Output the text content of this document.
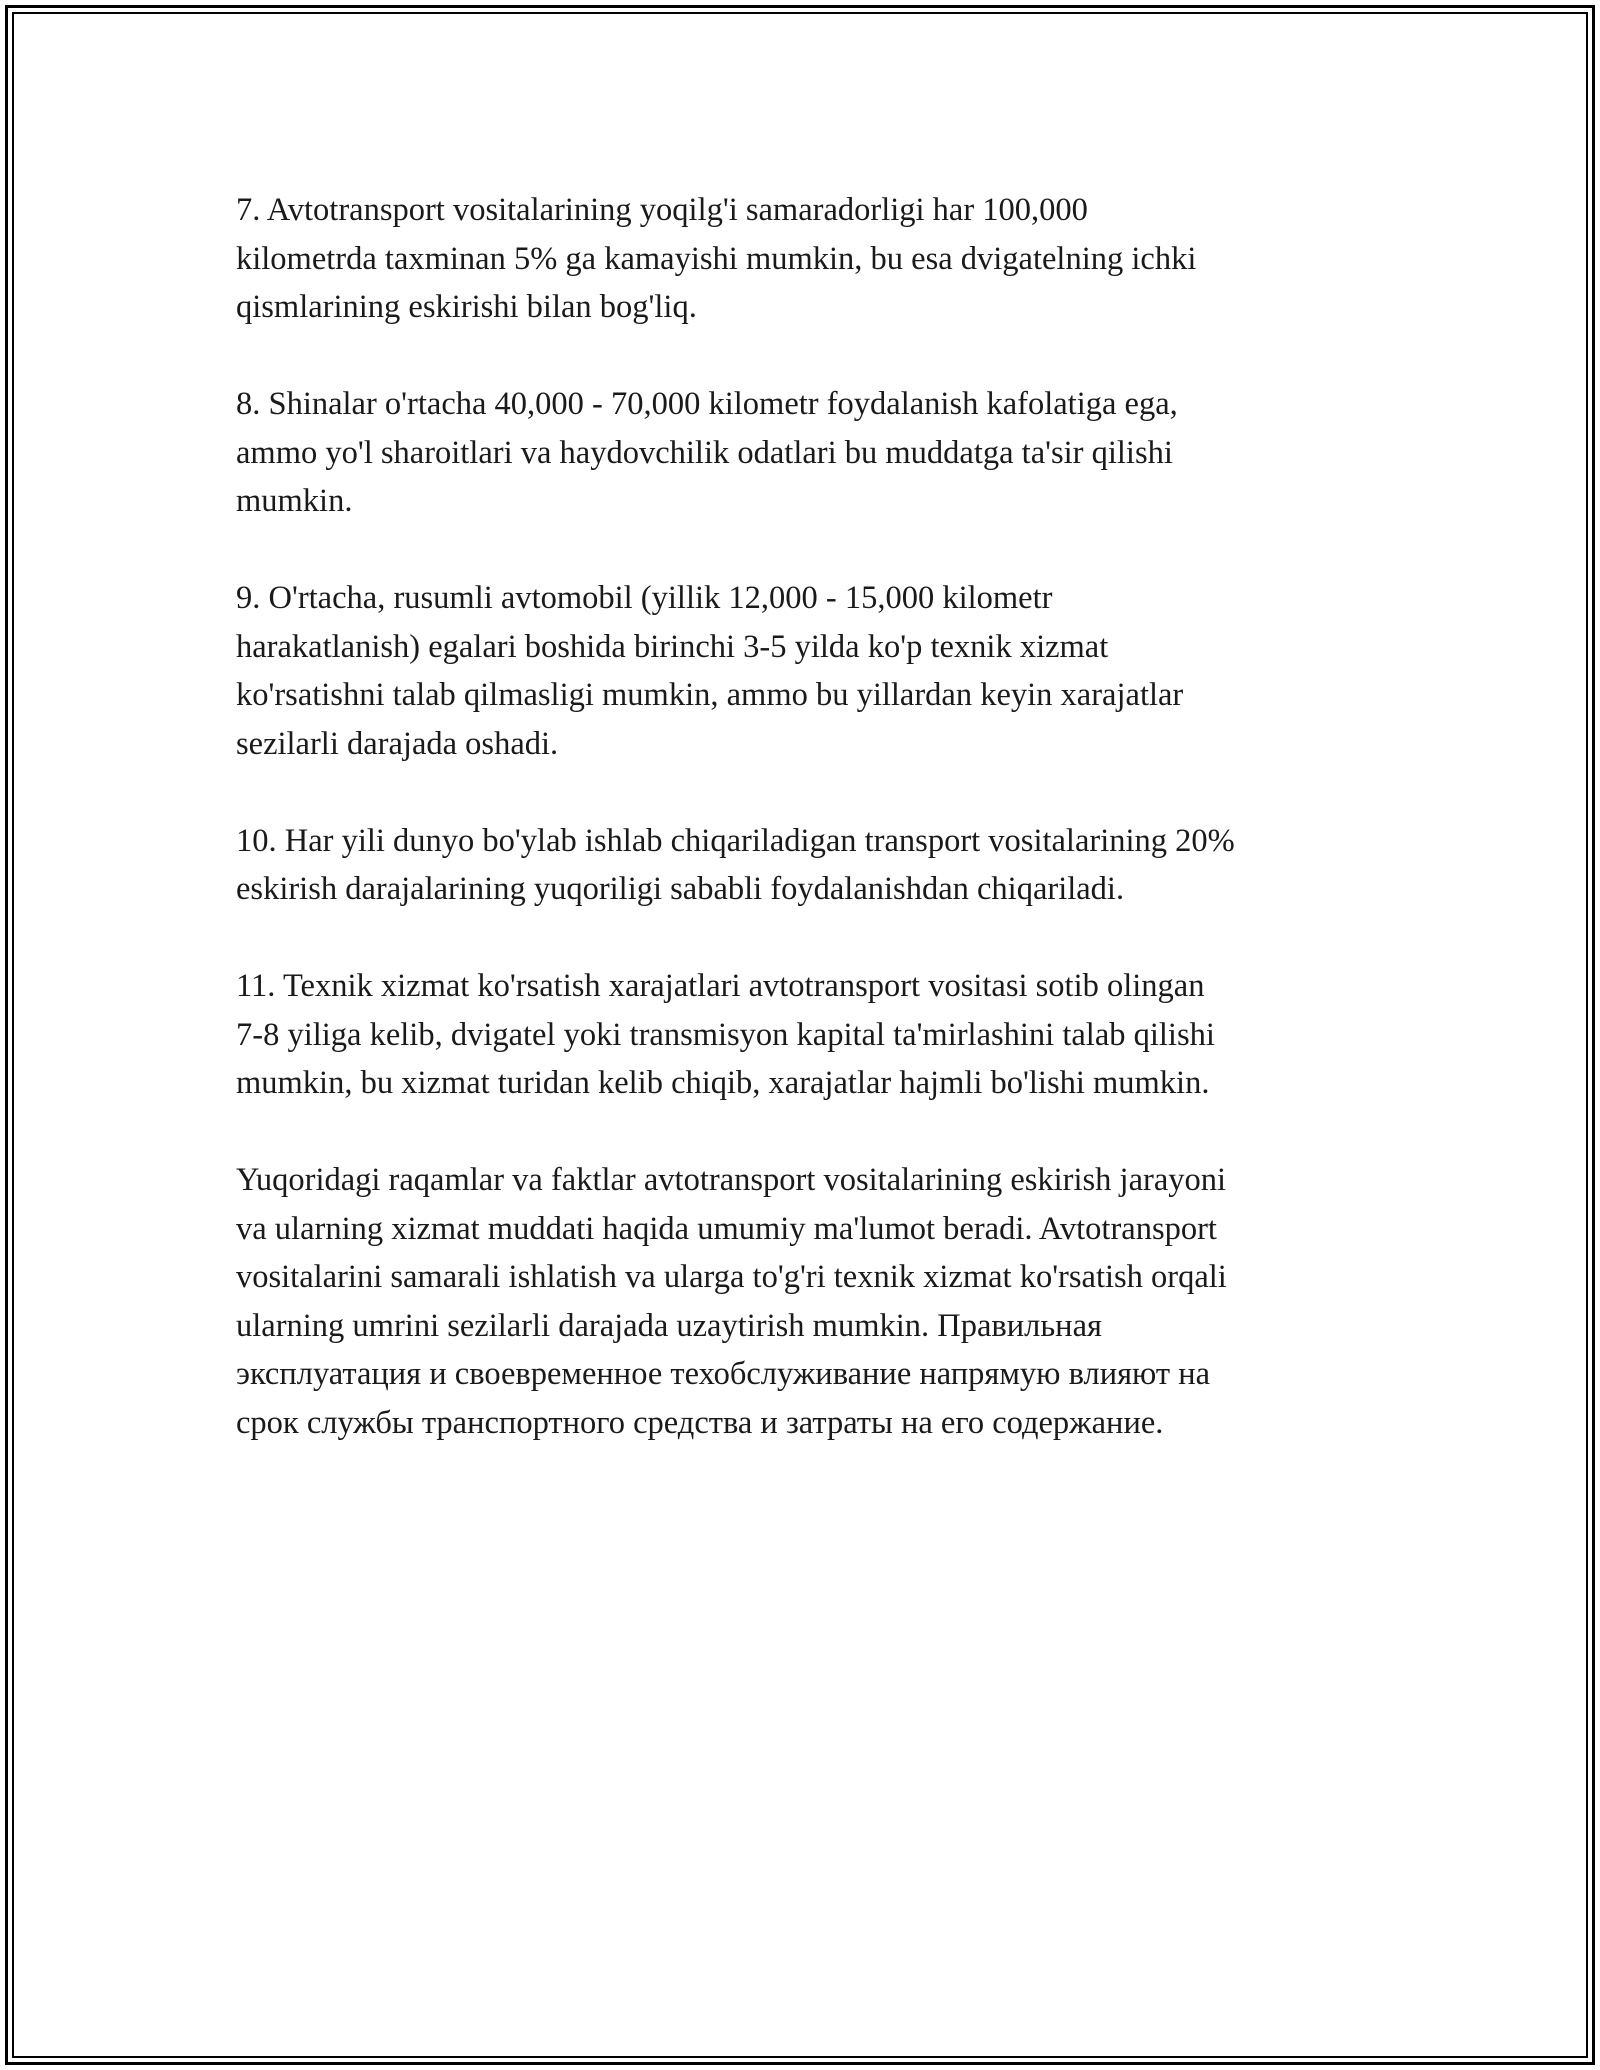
7. Avtotransport vositalarining yoqilg'i samaradorligi har 100,000
kilometrda taxminan 5% ga kamayishi mumkin, bu esa dvigatelning ichki
qismlarining eskirishi bilan bog'liq.

8. Shinalar o'rtacha 40,000 - 70,000 kilometr foydalanish kafolatiga ega,
ammo yo'l sharoitlari va haydovchilik odatlari bu muddatga ta'sir qilishi
mumkin.

9. O'rtacha, rusumli avtomobil (yillik 12,000 - 15,000 kilometr
harakatlanish) egalari boshida birinchi 3-5 yilda ko'p texnik xizmat
ko'rsatishni talab qilmasligi mumkin, ammo bu yillardan keyin xarajatlar
sezilarli darajada oshadi.

10. Har yili dunyo bo'ylab ishlab chiqariladigan transport vositalarining 20%
eskirish darajalarining yuqoriligi sababli foydalanishdan chiqariladi.

11. Texnik xizmat ko'rsatish xarajatlari avtotransport vositasi sotib olingan
7-8 yiliga kelib, dvigatel yoki transmisyon kapital ta'mirlashini talab qilishi
mumkin, bu xizmat turidan kelib chiqib, xarajatlar hajmli bo'lishi mumkin.

Yuqoridagi raqamlar va faktlar avtotransport vositalarining eskirish jarayoni
va ularning xizmat muddati haqida umumiy ma'lumot beradi. Avtotransport
vositalarini samarali ishlatish va ularga to'g'ri texnik xizmat ko'rsatish orqali
ularning umrini sezilarli darajada uzaytirish mumkin. Правильная
эксплуатация и своевременное техобслуживание напрямую влияют на
срок службы транспортного средства и затраты на его содержание.
